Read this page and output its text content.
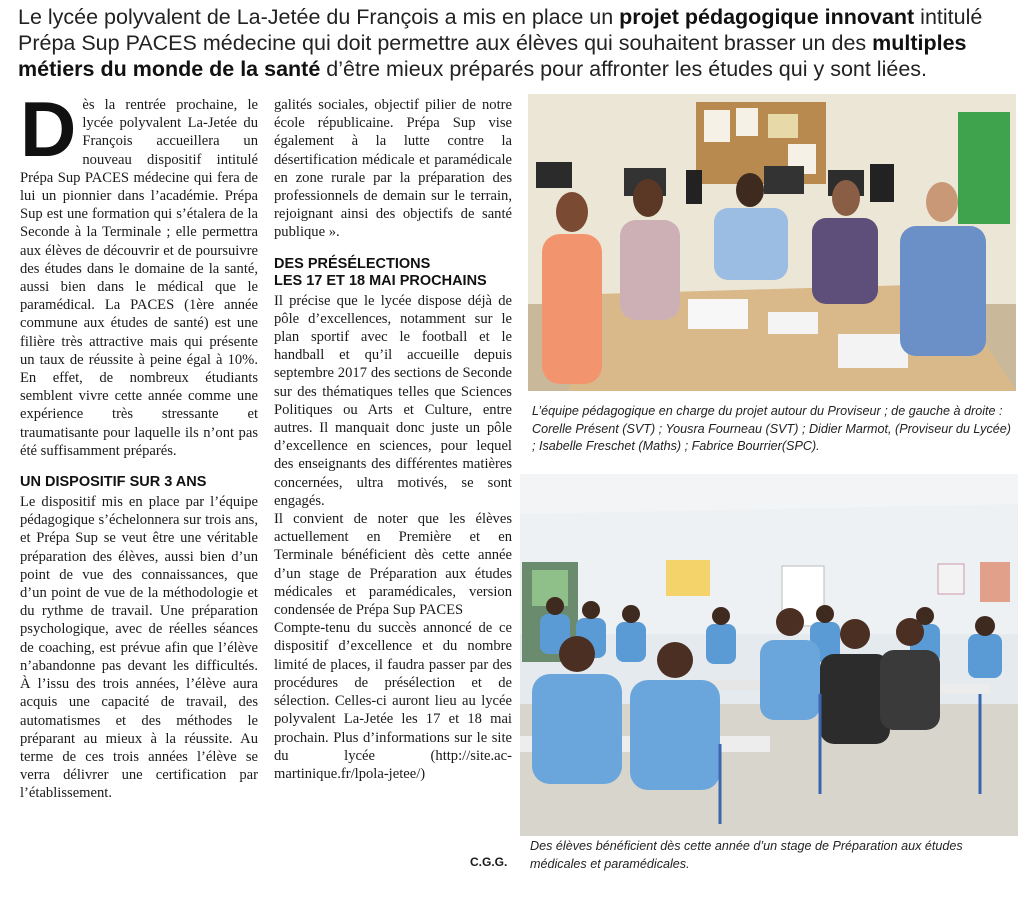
Le lycée polyvalent de La-Jetée du François a mis en place un projet pédagogique innovant intitulé Prépa Sup PACES médecine qui doit permettre aux élèves qui souhaitent brasser un des multiples métiers du monde de la santé d’être mieux préparés pour affronter les études qui y sont liées.

Dès la rentrée prochaine, le lycée polyvalent La-Jetée du François accueillera un nouveau dispositif intitulé Prépa Sup PACES médecine qui fera de lui un pionnier dans l’académie. Prépa Sup est une formation qui s’étalera de la Seconde à la Terminale ; elle permettra aux élèves de découvrir et de poursuivre des études dans le domaine de la santé, aussi bien dans le médical que le paramédical. La PACES (1ère année commune aux études de santé) est une filière très attractive mais qui présente un taux de réussite à peine égal à 10%. En effet, de nombreux étudiants semblent vivre cette année comme une expérience très stressante et traumatisante pour laquelle ils n’ont pas été suffisamment préparés.

UN DISPOSITIF SUR 3 ANS

Le dispositif mis en place par l’équipe pédagogique s’échelonnera sur trois ans, et Prépa Sup se veut être une véritable préparation des élèves, aussi bien d’un point de vue des connaissances, que d’un point de vue de la méthodologie et du rythme de travail. Une préparation psychologique, avec de réelles séances de coaching, est prévue afin que l’élève n’abandonne pas devant les difficultés. À l’issu des trois années, l’élève aura acquis une capacité de travail, des automatismes et des méthodes le préparant au mieux à la réussite. Au terme de ces trois années l’élève se verra délivrer une certification par l’établissement.

galités sociales, objectif pilier de notre école républicaine. Prépa Sup vise également à la lutte contre la désertification médicale et paramédicale en zone rurale par la préparation des professionnels de demain sur le terrain, rejoignant ainsi des objectifs de santé publique ».

DES PRÉSÉLECTIONS
LES 17 ET 18 MAI PROCHAINS

Il précise que le lycée dispose déjà de pôle d’excellences, notamment sur le plan sportif avec le football et le handball et qu’il accueille depuis septembre 2017 des sections de Seconde sur des thématiques telles que Sciences Politiques ou Arts et Culture, entre autres. Il manquait donc juste un pôle d’excellence en sciences, pour lequel des enseignants des différentes matières concernées, ultra motivés, se sont engagés.

Il convient de noter que les élèves actuellement en Première et en Terminale bénéficient dès cette année d’un stage de Préparation aux études médicales et paramédicales, version condensée de Prépa Sup PACES

Compte-tenu du succès annoncé de ce dispositif d’excellence et du nombre limité de places, il faudra passer par des procédures de présélection et de sélection. Celles-ci auront lieu au lycée polyvalent La-Jetée les 17 et 18 mai prochain. Plus d’informations sur le site du lycée (http://site.ac-martinique.fr/lpola-jetee/)

C.G.G.
L’équipe pédagogique en charge du projet autour du Proviseur ; de gauche à droite : Corelle Présent (SVT) ; Yousra Fourneau (SVT) ; Didier Marmot, (Proviseur du Lycée) ; Isabelle Freschet (Maths) ; Fabrice Bourrier(SPC).
Des élèves bénéficient dès cette année d’un stage de Préparation aux études médicales et paramédicales.
